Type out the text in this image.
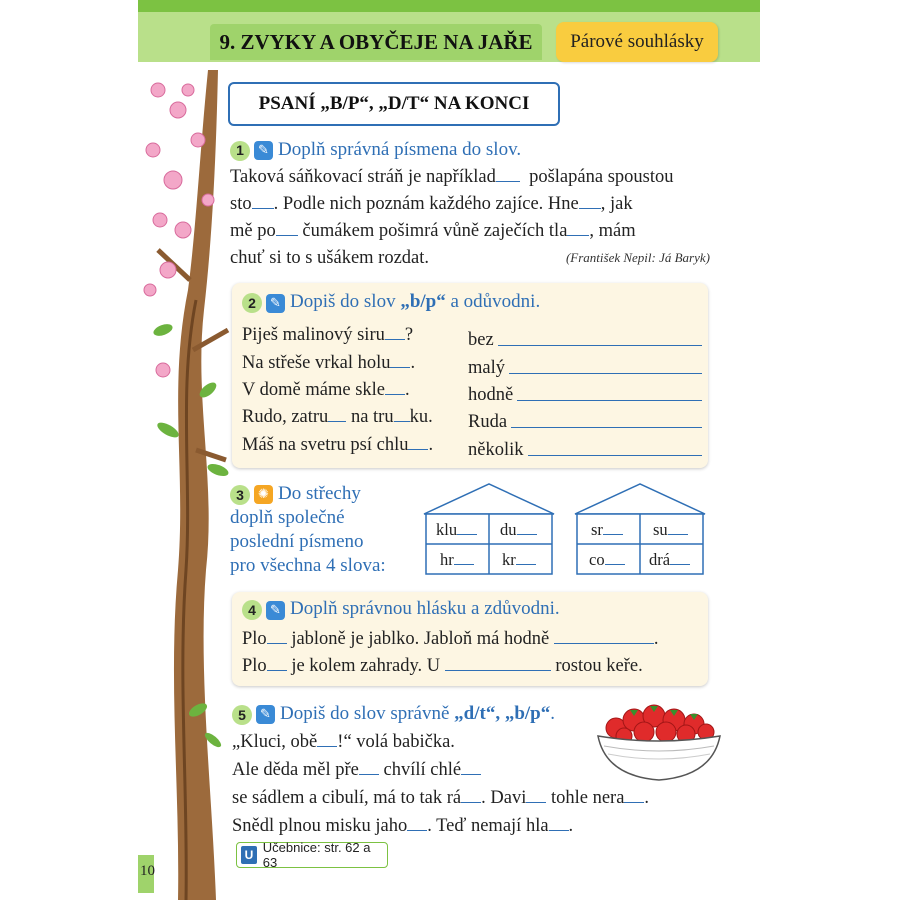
9. ZVYKY A OBYČEJE NA JAŘE	Párové souhlásky
PSANÍ „B/P“, „D/T“ NA KONCI
1 ✎ Doplň správná písmena do slov.
Taková sáňkovací stráň je například pošlapána spoustou
sto . Podle nich poznám každého zajíce. Hne , jak
mě po čumákem pošimrá vůně zaječích tla , mám
chuť si to s ušákem rozdat.	(František Nepil: Já Baryk)
2 ✎ Dopiš do slov „b/p“ a odůvodni.
Piješ malinový siru ?	bez
Na střeše vrkal holu .	malý
V domě máme skle .	hodně
Rudo, zatru na tru ku.	Ruda
Máš na svetru psí chlu .	několik
3 ✺ Do střechy
doplň společné
poslední písmeno
pro všechna 4 slova:
klu	du
hr	kr
sr	su
co	drá
4 ✎ Doplň správnou hlásku a zdůvodni.
Plo jabloně je jablko. Jabloň má hodně	.
Plo je kolem zahrady. U	rostou keře.
5 ✎ Dopiš do slov správně „d/t“, „b/p“.
„Kluci, obě !“ volá babička.
Ale děda měl pře chvílí chlé
se sádlem a cibulí, má to tak rá . Davi tohle nera .
Snědl plnou misku jaho . Teď nemají hla .
U Učebnice: str. 62 a 63
10
